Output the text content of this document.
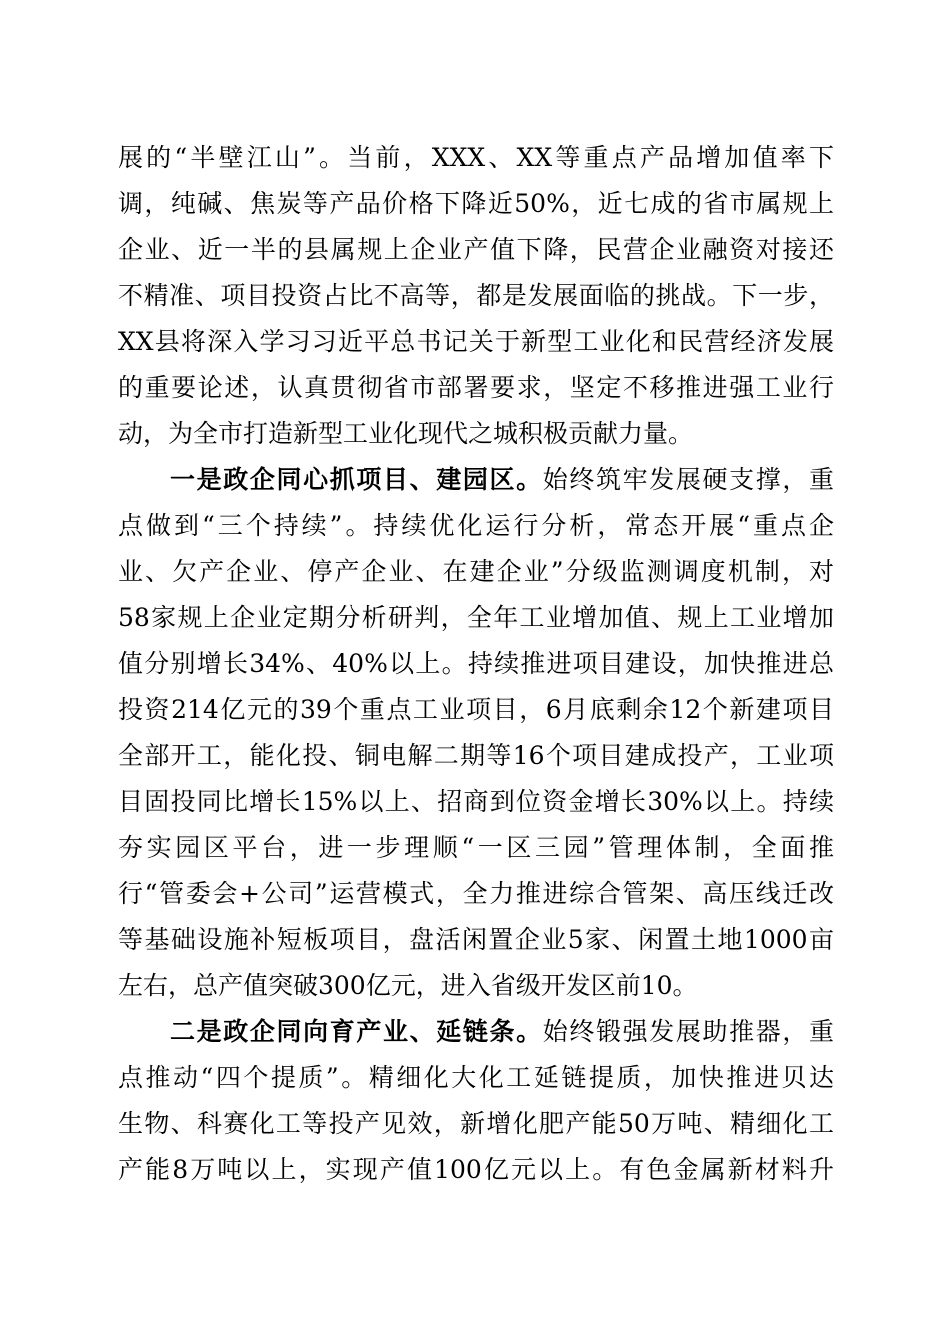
展的“半壁江山”。当前，XXX、XX等重点产品增加值率下
调，纯碱、焦炭等产品价格下降近50%，近七成的省市属规上
企业、近一半的县属规上企业产值下降，民营企业融资对接还
不精准、项目投资占比不高等，都是发展面临的挑战。下一步，
XX县将深入学习习近平总书记关于新型工业化和民营经济发展
的重要论述，认真贯彻省市部署要求，坚定不移推进强工业行
动，为全市打造新型工业化现代之城积极贡献力量。
一是政企同心抓项目、建园区。始终筑牢发展硬支撑，重
点做到“三个持续”。持续优化运行分析，常态开展“重点企
业、欠产企业、停产企业、在建企业”分级监测调度机制，对
58家规上企业定期分析研判，全年工业增加值、规上工业增加
值分别增长34%、40%以上。持续推进项目建设，加快推进总
投资214亿元的39个重点工业项目，6月底剩余12个新建项目
全部开工，能化投、铜电解二期等16个项目建成投产，工业项
目固投同比增长15%以上、招商到位资金增长30%以上。持续
夯实园区平台，进一步理顺“一区三园”管理体制，全面推
行“管委会+公司”运营模式，全力推进综合管架、高压线迁改
等基础设施补短板项目，盘活闲置企业5家、闲置土地1000亩
左右，总产值突破300亿元，进入省级开发区前10。
二是政企同向育产业、延链条。始终锻强发展助推器，重
点推动“四个提质”。精细化大化工延链提质，加快推进贝达
生物、科赛化工等投产见效，新增化肥产能50万吨、精细化工
产能8万吨以上，实现产值100亿元以上。有色金属新材料升
